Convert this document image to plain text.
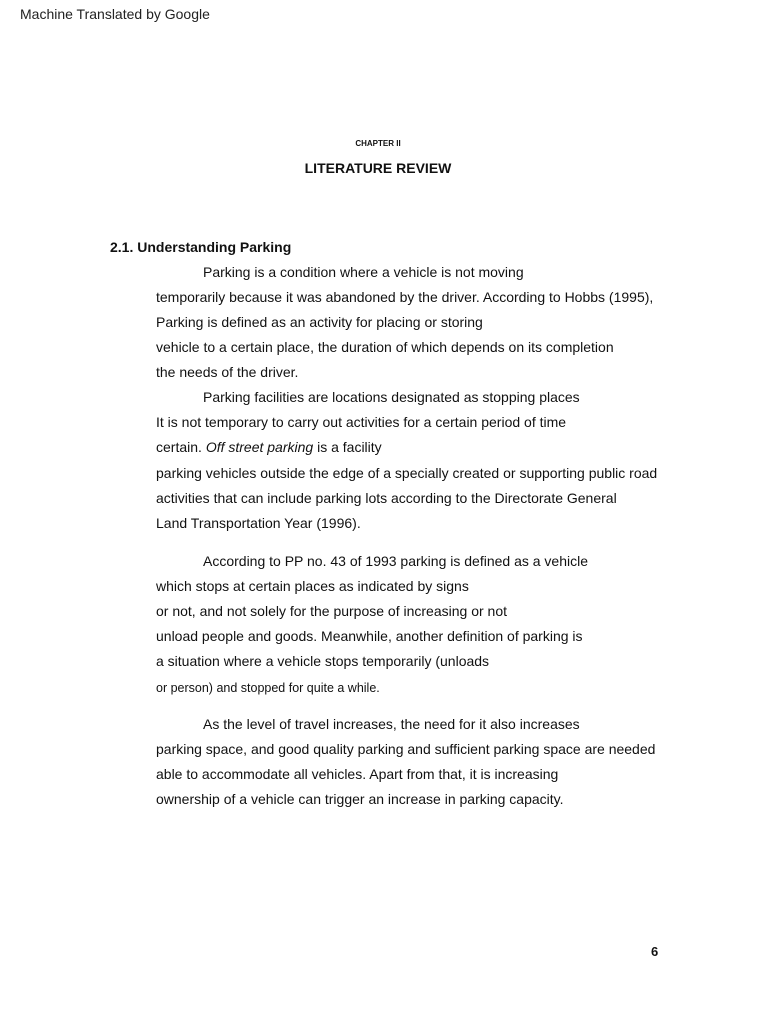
Machine Translated by Google
CHAPTER II
LITERATURE REVIEW
2.1. Understanding Parking
Parking is a condition where a vehicle is not moving
temporarily because it was abandoned by the driver. According to Hobbs (1995),
Parking is defined as an activity for placing or storing
vehicle to a certain place, the duration of which depends on its completion
the needs of the driver.
Parking facilities are locations designated as stopping places
It is not temporary to carry out activities for a certain period of time
certain. Off street parking is a facility
parking vehicles outside the edge of a specially created or supporting public road
activities that can include parking lots according to the Directorate General
Land Transportation Year (1996).
According to PP no. 43 of 1993 parking is defined as a vehicle
which stops at certain places as indicated by signs
or not, and not solely for the purpose of increasing or not
unload people and goods. Meanwhile, another definition of parking is
a situation where a vehicle stops temporarily (unloads
or person) and stopped for quite a while.
As the level of travel increases, the need for it also increases
parking space, and good quality parking and sufficient parking space are needed
able to accommodate all vehicles. Apart from that, it is increasing
ownership of a vehicle can trigger an increase in parking capacity.
6
